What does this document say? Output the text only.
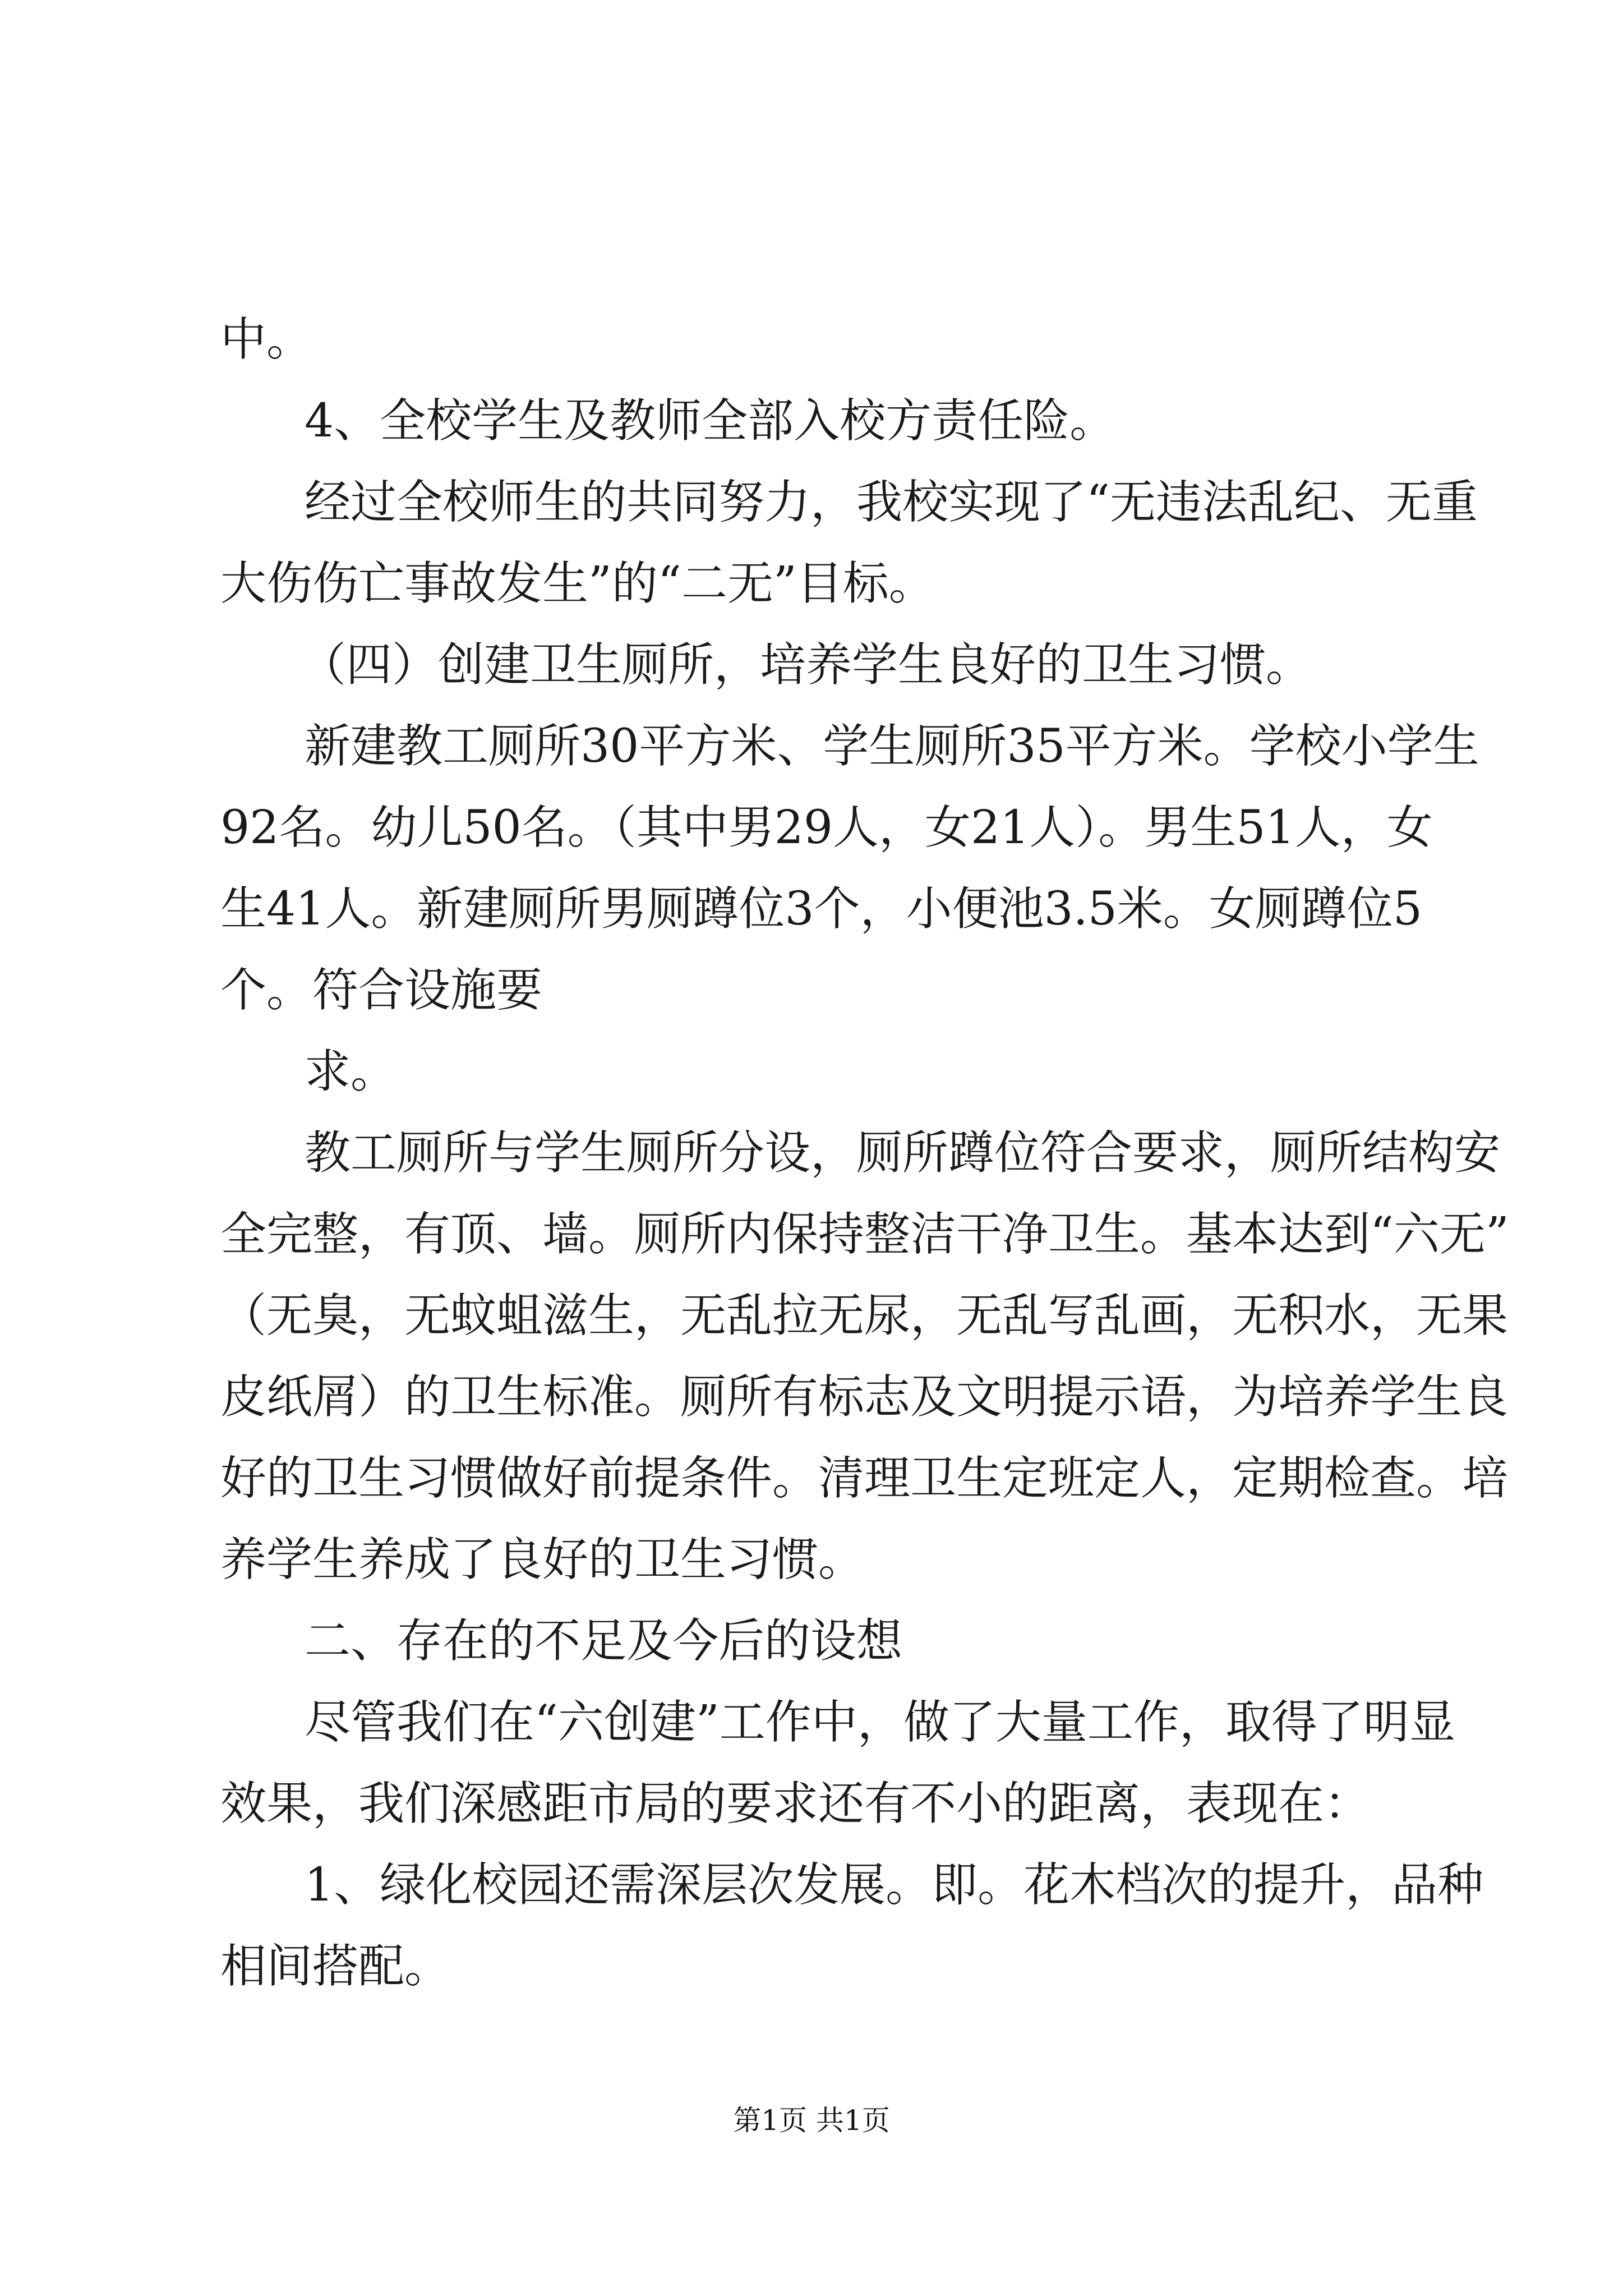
中。
4、全校学生及教师全部入校方责任险。
经过全校师生的共同努力，我校实现了“无违法乱纪、无重
大伤伤亡事故发生”的“二无”目标。
（四）创建卫生厕所，培养学生良好的卫生习惯。
新建教工厕所30平方米、学生厕所35平方米。学校小学生
92名。幼儿50名。（其中男29人，女21人）。男生51人，女
生41人。新建厕所男厕蹲位3个，小便池3.5米。女厕蹲位5
个。符合设施要
求。
教工厕所与学生厕所分设，厕所蹲位符合要求，厕所结构安
全完整，有顶、墙。厕所内保持整洁干净卫生。基本达到“六无”
（无臭，无蚊蛆滋生，无乱拉无尿，无乱写乱画，无积水，无果
皮纸屑）的卫生标准。厕所有标志及文明提示语，为培养学生良
好的卫生习惯做好前提条件。清理卫生定班定人，定期检查。培
养学生养成了良好的卫生习惯。
二、存在的不足及今后的设想
尽管我们在“六创建”工作中，做了大量工作，取得了明显
效果，我们深感距市局的要求还有不小的距离，表现在：
1、绿化校园还需深层次发展。即。花木档次的提升，品种
相间搭配。
第1页 共1页
